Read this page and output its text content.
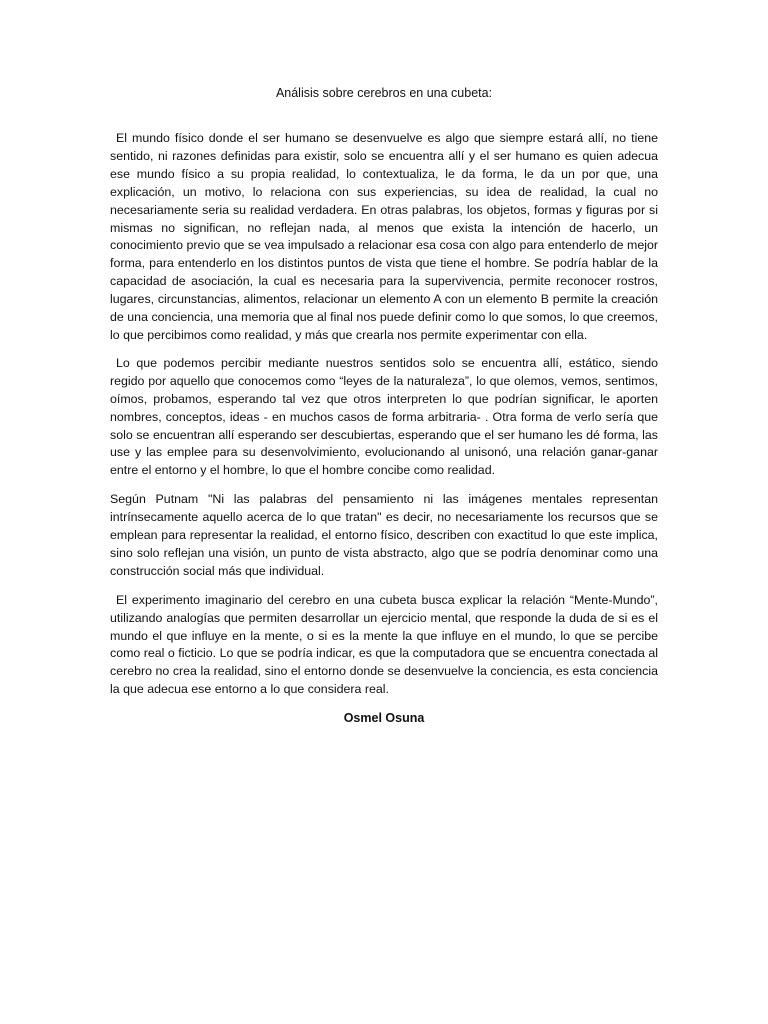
Análisis sobre cerebros en una cubeta:

El mundo físico donde el ser humano se desenvuelve es algo que siempre estará allí, no tiene sentido, ni razones definidas para existir, solo se encuentra allí y el ser humano es quien adecua ese mundo físico a su propia realidad, lo contextualiza, le da forma, le da un por que, una explicación, un motivo, lo relaciona con sus experiencias, su idea de realidad, la cual no necesariamente seria su realidad verdadera. En otras palabras, los objetos, formas y figuras por si mismas no significan, no reflejan nada, al menos que exista la intención de hacerlo, un conocimiento previo que se vea impulsado a relacionar esa cosa con algo para entenderlo de mejor forma, para entenderlo en los distintos puntos de vista que tiene el hombre. Se podría hablar de la capacidad de asociación, la cual es necesaria para la supervivencia, permite reconocer rostros, lugares, circunstancias, alimentos, relacionar un elemento A con un elemento B permite la creación de una conciencia, una memoria que al final nos puede definir como lo que somos, lo que creemos, lo que percibimos como realidad, y más que crearla nos permite experimentar con ella.

Lo que podemos percibir mediante nuestros sentidos solo se encuentra allí, estático, siendo regido por aquello que conocemos como “leyes de la naturaleza”, lo que olemos, vemos, sentimos, oímos, probamos, esperando tal vez que otros interpreten lo que podrían significar, le aporten nombres, conceptos, ideas - en muchos casos de forma arbitraria- . Otra forma de verlo sería que solo se encuentran allí esperando ser descubiertas, esperando que el ser humano les dé forma, las use y las emplee para su desenvolvimiento, evolucionando al unisonó, una relación ganar-ganar entre el entorno y el hombre, lo que el hombre concibe como realidad.

Según Putnam "Ni las palabras del pensamiento ni las imágenes mentales representan intrínsecamente aquello acerca de lo que tratan" es decir, no necesariamente los recursos que se emplean para representar la realidad, el entorno físico, describen con exactitud lo que este implica, sino solo reflejan una visión, un punto de vista abstracto, algo que se podría denominar como una construcción social más que individual.

El experimento imaginario del cerebro en una cubeta busca explicar la relación “Mente-Mundo”, utilizando analogías que permiten desarrollar un ejercicio mental, que responde la duda de si es el mundo el que influye en la mente, o si es la mente la que influye en el mundo, lo que se percibe como real o ficticio. Lo que se podría indicar, es que la computadora que se encuentra conectada al cerebro no crea la realidad, sino el entorno donde se desenvuelve la conciencia, es esta conciencia la que adecua ese entorno a lo que considera real.

Osmel Osuna
